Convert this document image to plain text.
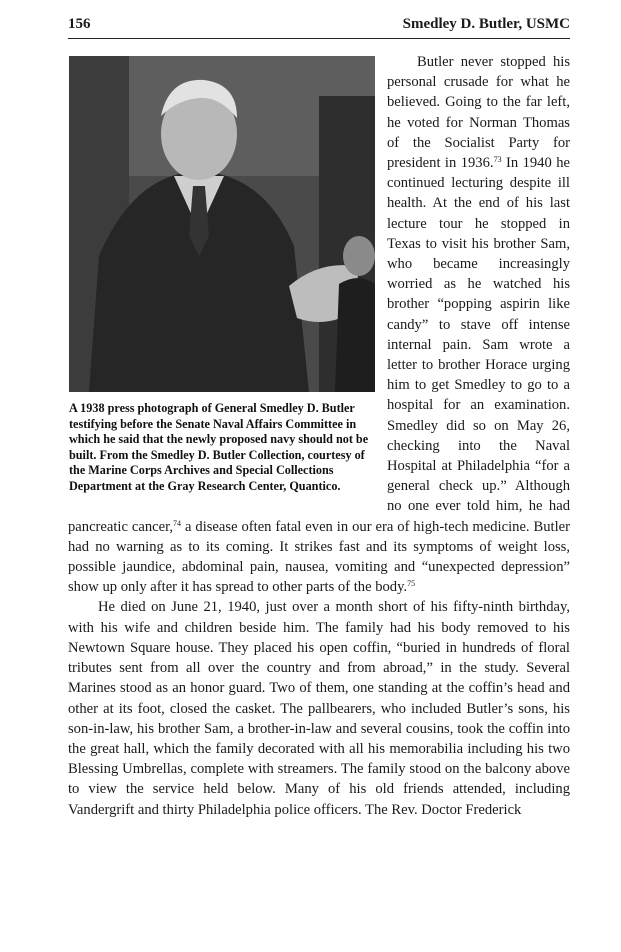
156	Smedley D. Butler, USMC
A 1938 press photograph of General Smedley D. Butler testifying before the Senate Naval Affairs Committee in which he said that the newly proposed navy should not be built. From the Smedley D. Butler Collection, courtesy of the Marine Corps Archives and Special Collections Department at the Gray Research Center, Quantico.

Butler never stopped his personal crusade for what he believed. Going to the far left, he voted for Norman Thomas of the Socialist Party for president in 1936.73 In 1940 he continued lecturing despite ill health. At the end of his last lecture tour he stopped in Texas to visit his brother Sam, who became increasingly worried as he watched his brother “popping aspirin like candy” to stave off intense internal pain. Sam wrote a letter to brother Horace urging him to get Smedley to go to a hospital for an examination. Smedley did so on May 26, checking into the Naval Hospital at Philadelphia “for a general check up.” Although no one ever told him, he had pancreatic cancer,$^{74}$ a disease often fatal even in our era of high-tech medicine. Butler had no warning as to its coming. It strikes fast and its symptoms of weight loss, possible jaundice, abdominal pain, nausea, vomiting and “unexpected depression” show up only after it has spread to other parts of the body.$^{75}$

He died on June 21, 1940, just over a month short of his fifty-ninth birthday, with his wife and children beside him. The family had his body removed to his Newtown Square house. They placed his open coffin, “buried in hundreds of floral tributes sent from all over the country and from abroad,” in the study. Several Marines stood as an honor guard. Two of them, one standing at the coffin’s head and other at its foot, closed the casket. The pallbearers, who included Butler’s sons, his son-in-law, his brother Sam, a brother-in-law and several cousins, took the coffin into the great hall, which the family decorated with all his memorabilia including his two Blessing Umbrellas, complete with streamers. The family stood on the balcony above to view the service held below. Many of his old friends attended, including Vandergrift and thirty Philadelphia police officers. The Rev. Doctor Frederick
